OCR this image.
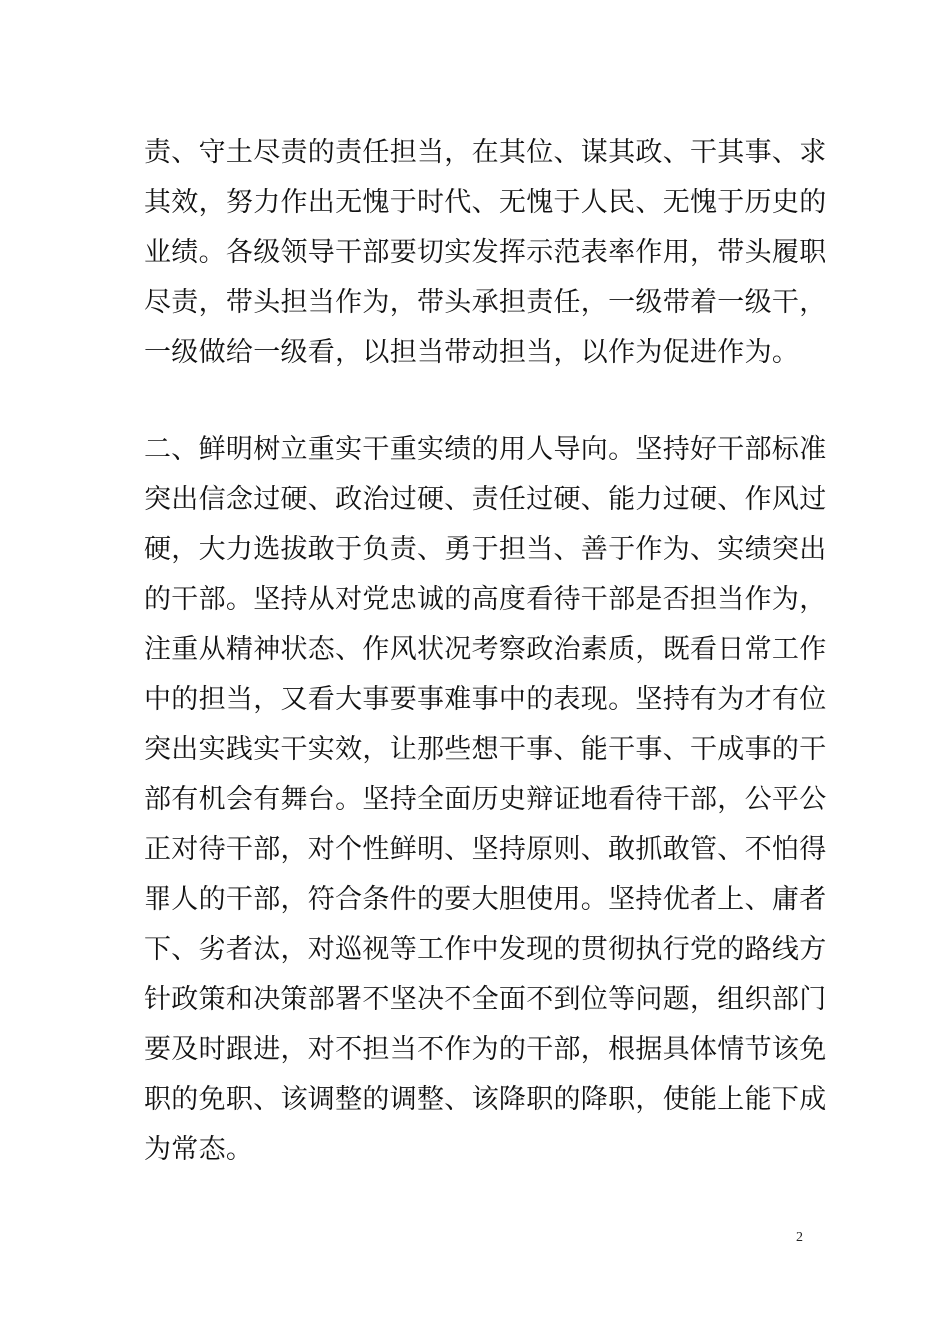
责、守土尽责的责任担当，在其位、谋其政、干其事、求
其效，努力作出无愧于时代、无愧于人民、无愧于历史的
业绩。各级领导干部要切实发挥示范表率作用，带头履职
尽责，带头担当作为，带头承担责任，一级带着一级干，
一级做给一级看，以担当带动担当，以作为促进作为。
二、鲜明树立重实干重实绩的用人导向。坚持好干部标准
突出信念过硬、政治过硬、责任过硬、能力过硬、作风过
硬，大力选拔敢于负责、勇于担当、善于作为、实绩突出
的干部。坚持从对党忠诚的高度看待干部是否担当作为，
注重从精神状态、作风状况考察政治素质，既看日常工作
中的担当，又看大事要事难事中的表现。坚持有为才有位
突出实践实干实效，让那些想干事、能干事、干成事的干
部有机会有舞台。坚持全面历史辩证地看待干部，公平公
正对待干部，对个性鲜明、坚持原则、敢抓敢管、不怕得
罪人的干部，符合条件的要大胆使用。坚持优者上、庸者
下、劣者汰，对巡视等工作中发现的贯彻执行党的路线方
针政策和决策部署不坚决不全面不到位等问题，组织部门
要及时跟进，对不担当不作为的干部，根据具体情节该免
职的免职、该调整的调整、该降职的降职，使能上能下成
为常态。
2
